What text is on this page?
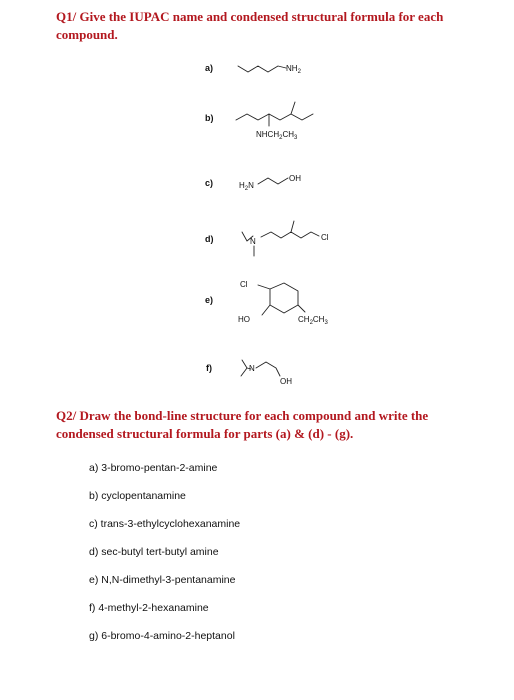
Q1/ Give the IUPAC name and condensed structural formula for each compound.

a)
b)
c)
d)
e)
f)
$NH_2$
$NHCH_2CH_3$
$H_2N$
OH
N	Cl
Cl
HO	$CH_2CH_3$
N
OH

Q2/ Draw the bond-line structure for each compound and write the condensed structural formula for parts (a) & (d) - (g).

a) 3-bromo-pentan-2-amine
b) cyclopentanamine
c) trans-3-ethylcyclohexanamine
d) sec-butyl tert-butyl amine
e) N,N-dimethyl-3-pentanamine
f) 4-methyl-2-hexanamine
g) 6-bromo-4-amino-2-heptanol
